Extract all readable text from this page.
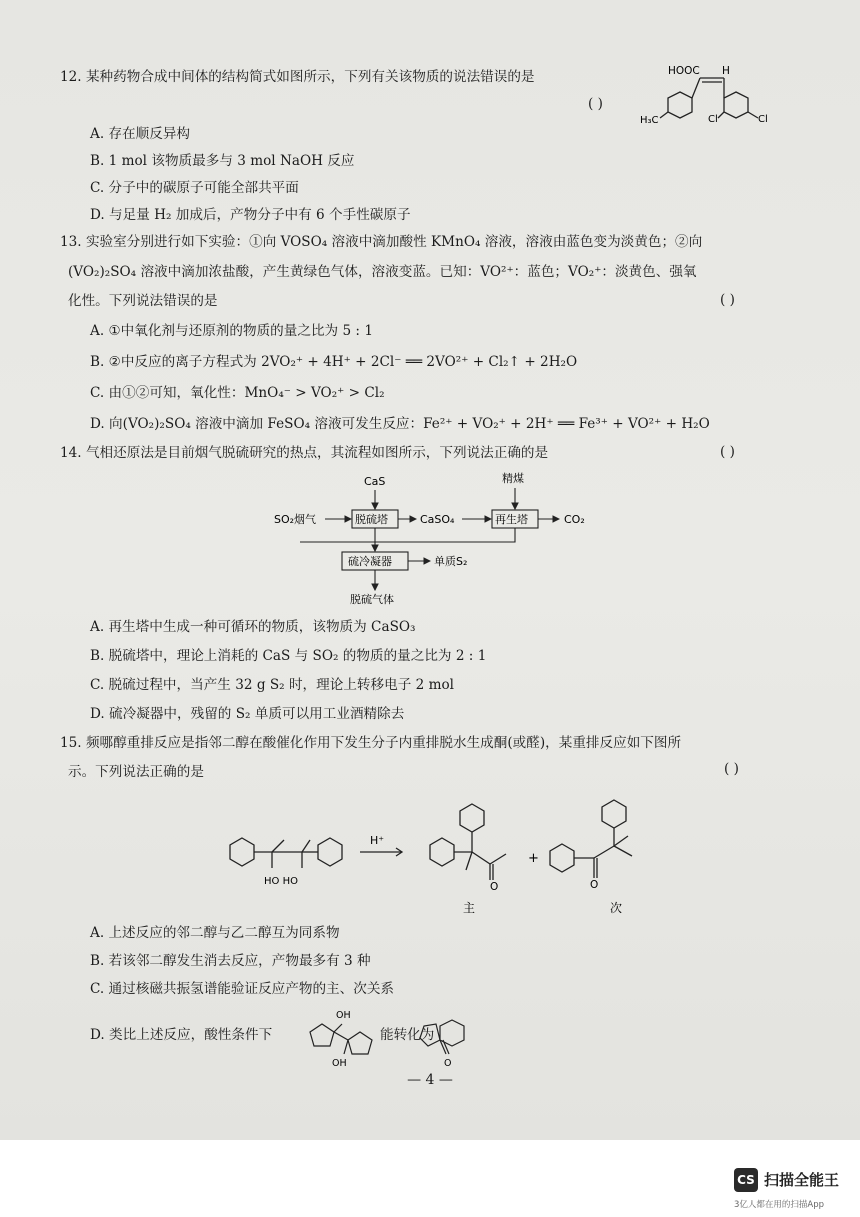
12. 某种药物合成中间体的结构简式如图所示，下列有关该物质的说法错误的是
( )
HOOC H
H₃C	Cl	Cl
A. 存在顺反异构
B. 1 mol 该物质最多与 3 mol NaOH 反应
C. 分子中的碳原子可能全部共平面
D. 与足量 H₂ 加成后，产物分子中有 6 个手性碳原子
13. 实验室分别进行如下实验：①向 VOSO₄ 溶液中滴加酸性 KMnO₄ 溶液，溶液由蓝色变为淡黄色；②向
(VO₂)₂SO₄ 溶液中滴加浓盐酸，产生黄绿色气体，溶液变蓝。已知：VO²⁺：蓝色；VO₂⁺：淡黄色、强氧
化性。下列说法错误的是	( )
A. ①中氧化剂与还原剂的物质的量之比为 5 : 1
B. ②中反应的离子方程式为 2VO₂⁺ + 4H⁺ + 2Cl⁻ ══ 2VO²⁺ + Cl₂↑ + 2H₂O
C. 由①②可知，氧化性：MnO₄⁻ > VO₂⁺ > Cl₂
D. 向(VO₂)₂SO₄ 溶液中滴加 FeSO₄ 溶液可发生反应：Fe²⁺ + VO₂⁺ + 2H⁺ ══ Fe³⁺ + VO²⁺ + H₂O
14. 气相还原法是目前烟气脱硫研究的热点，其流程如图所示，下列说法正确的是	( )
CaS
SO₂烟气	脱硫塔	CaSO₄	再生塔
精煤
CO₂
硫冷凝器	单质S₂
脱硫气体
A. 再生塔中生成一种可循环的物质，该物质为 CaSO₃
B. 脱硫塔中，理论上消耗的 CaS 与 SO₂ 的物质的量之比为 2 : 1
C. 脱硫过程中，当产生 32 g S₂ 时，理论上转移电子 2 mol
D. 硫冷凝器中，残留的 S₂ 单质可以用工业酒精除去
15. 频哪醇重排反应是指邻二醇在酸催化作用下发生分子内重排脱水生成酮(或醛)，某重排反应如下图所
示。下列说法正确的是	( )
HO HO
H⁺
O
+
O
主	次
A. 上述反应的邻二醇与乙二醇互为同系物
B. 若该邻二醇发生消去反应，产物最多有 3 种
C. 通过核磁共振氢谱能验证反应产物的主、次关系
D. 类比上述反应，酸性条件下
OH
OH	O
能转化为
— 4 —
CS 扫描全能王
3亿人都在用的扫描App
